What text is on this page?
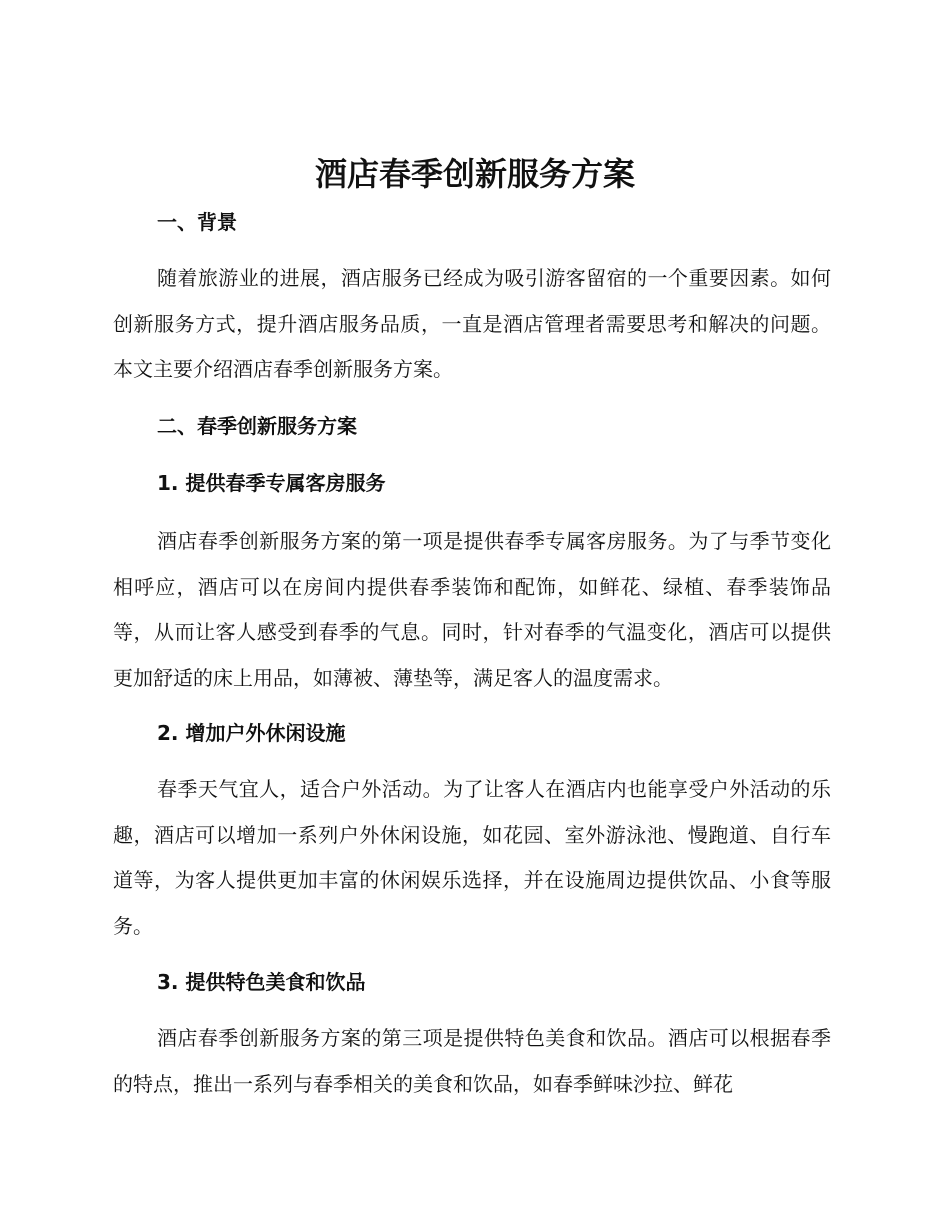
酒店春季创新服务方案
一、背景
随着旅游业的进展，酒店服务已经成为吸引游客留宿的一个重要因素。如何创新服务方式，提升酒店服务品质，一直是酒店管理者需要思考和解决的问题。本文主要介绍酒店春季创新服务方案。
二、春季创新服务方案
1. 提供春季专属客房服务
酒店春季创新服务方案的第一项是提供春季专属客房服务。为了与季节变化相呼应，酒店可以在房间内提供春季装饰和配饰，如鲜花、绿植、春季装饰品等，从而让客人感受到春季的气息。同时，针对春季的气温变化，酒店可以提供更加舒适的床上用品，如薄被、薄垫等，满足客人的温度需求。
2. 增加户外休闲设施
春季天气宜人，适合户外活动。为了让客人在酒店内也能享受户外活动的乐趣，酒店可以增加一系列户外休闲设施，如花园、室外游泳池、慢跑道、自行车道等，为客人提供更加丰富的休闲娱乐选择，并在设施周边提供饮品、小食等服务。
3. 提供特色美食和饮品
酒店春季创新服务方案的第三项是提供特色美食和饮品。酒店可以根据春季的特点，推出一系列与春季相关的美食和饮品，如春季鲜味沙拉、鲜花
